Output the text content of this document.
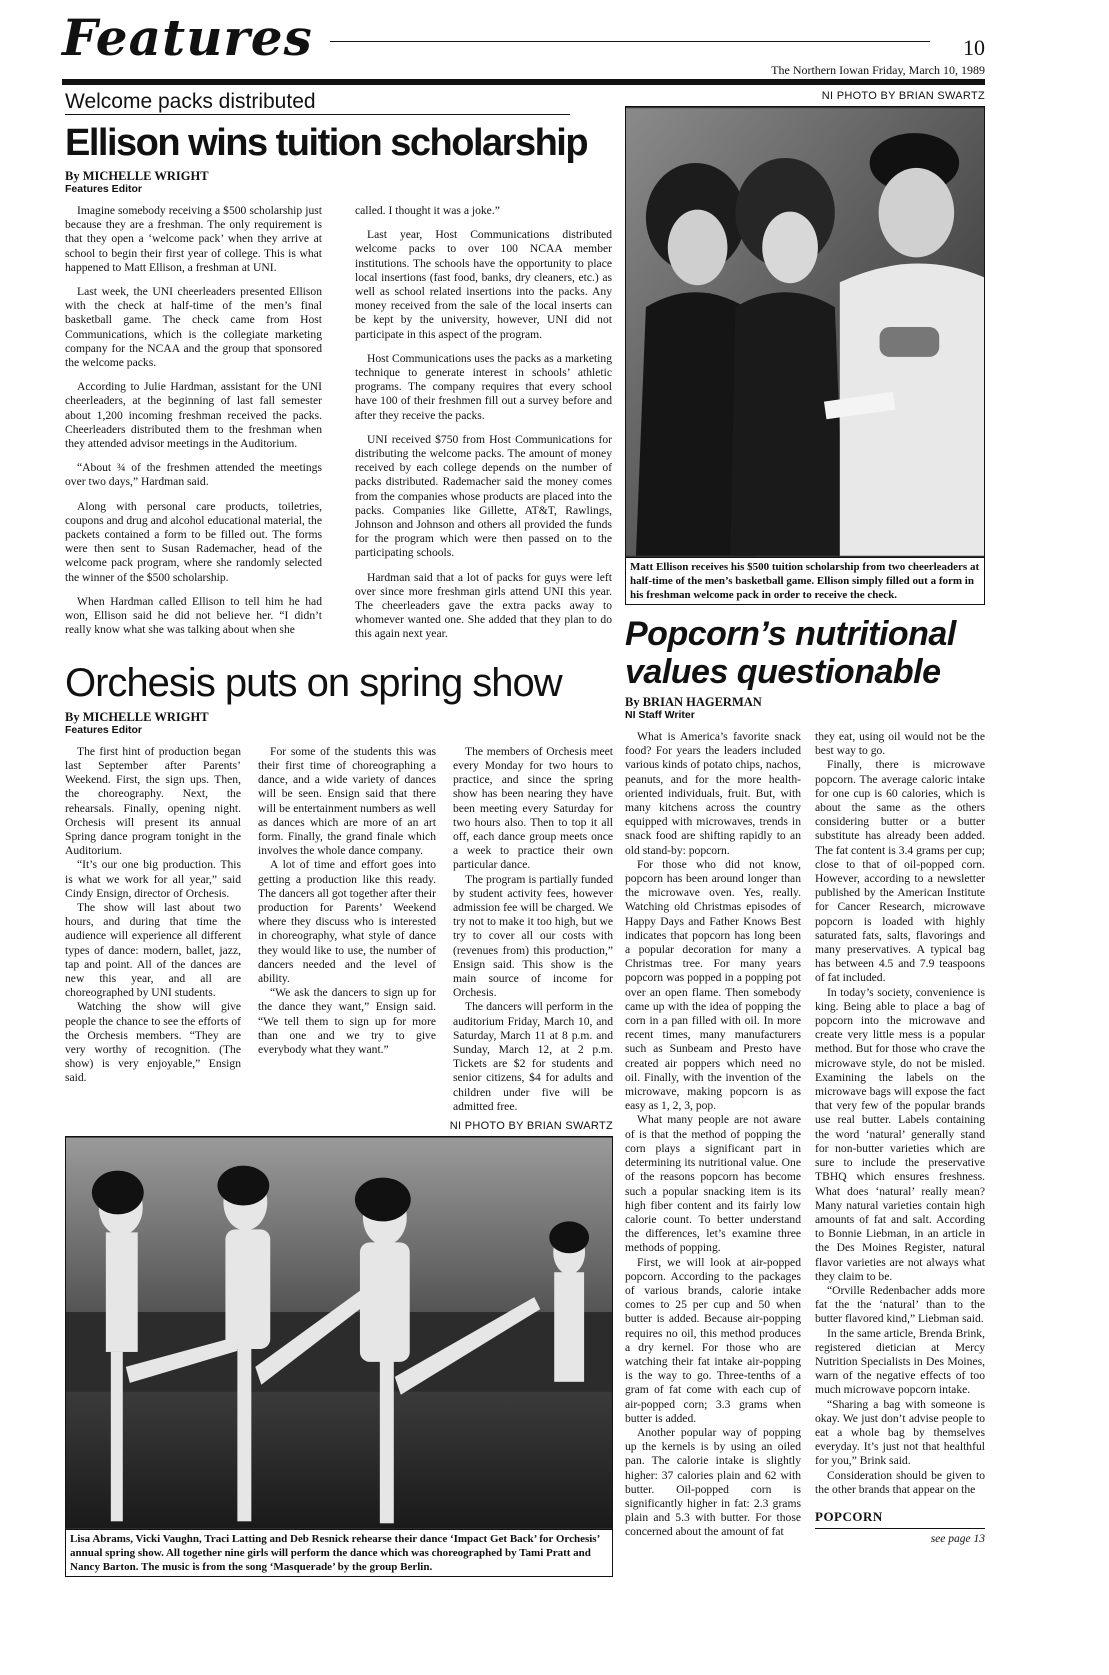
Features	10
The Northern Iowan Friday, March 10, 1989
Welcome packs distributed
Ellison wins tuition scholarship
By MICHELLE WRIGHT
Features Editor

Imagine somebody receiving a $500 scholarship just because they are a freshman. The only requirement is that they open a ‘welcome pack’ when they arrive at school to begin their first year of college. This is what happened to Matt Ellison, a freshman at UNI.

Last week, the UNI cheerleaders presented Ellison with the check at half-time of the men’s final basketball game. The check came from Host Communications, which is the collegiate marketing company for the NCAA and the group that sponsored the welcome packs.

According to Julie Hardman, assistant for the UNI cheerleaders, at the beginning of last fall semester about 1,200 incoming freshman received the packs. Cheerleaders distributed them to the freshman when they attended advisor meetings in the Auditorium.

“About ¾ of the freshmen attended the meetings over two days,” Hardman said.

Along with personal care products, toiletries, coupons and drug and alcohol educational material, the packets contained a form to be filled out. The forms were then sent to Susan Rademacher, head of the welcome pack program, where she randomly selected the winner of the $500 scholarship.

When Hardman called Ellison to tell him he had won, Ellison said he did not believe her. “I didn’t really know what she was talking about when she

called. I thought it was a joke.”

Last year, Host Communications distributed welcome packs to over 100 NCAA member institutions. The schools have the opportunity to place local insertions (fast food, banks, dry cleaners, etc.) as well as school related insertions into the packs. Any money received from the sale of the local inserts can be kept by the university, however, UNI did not participate in this aspect of the program.

Host Communications uses the packs as a marketing technique to generate interest in schools’ athletic programs. The company requires that every school have 100 of their freshmen fill out a survey before and after they receive the packs.

UNI received $750 from Host Communications for distributing the welcome packs. The amount of money received by each college depends on the number of packs distributed. Rademacher said the money comes from the companies whose products are placed into the packs. Companies like Gillette, AT&T, Rawlings, Johnson and Johnson and others all provided the funds for the program which were then passed on to the participating schools.

Hardman said that a lot of packs for guys were left over since more freshman girls attend UNI this year. The cheerleaders gave the extra packs away to whomever wanted one. She added that they plan to do this again next year.

Orchesis puts on spring show
By MICHELLE WRIGHT
Features Editor

The first hint of production began last September after Parents’ Weekend. First, the sign ups. Then, the choreography. Next, the rehearsals. Finally, opening night. Orchesis will present its annual Spring dance program tonight in the Auditorium.

“It’s our one big production. This is what we work for all year,” said Cindy Ensign, director of Orchesis.

The show will last about two hours, and during that time the audience will experience all different types of dance: modern, ballet, jazz, tap and point. All of the dances are new this year, and all are choreographed by UNI students.

Watching the show will give people the chance to see the efforts of the Orchesis members. “They are very worthy of recognition. (The show) is very enjoyable,” Ensign said.

For some of the students this was their first time of choreographing a dance, and a wide variety of dances will be seen. Ensign said that there will be entertainment numbers as well as dances which are more of an art form. Finally, the grand finale which involves the whole dance company.

A lot of time and effort goes into getting a production like this ready. The dancers all got together after their production for Parents’ Weekend where they discuss who is interested in choreography, what style of dance they would like to use, the number of dancers needed and the level of ability.

“We ask the dancers to sign up for the dance they want,” Ensign said. “We tell them to sign up for more than one and we try to give everybody what they want.”

The members of Orchesis meet every Monday for two hours to practice, and since the spring show has been nearing they have been meeting every Saturday for two hours also. Then to top it all off, each dance group meets once a week to practice their own particular dance.

The program is partially funded by student activity fees, however admission fee will be charged. We try not to make it too high, but we try to cover all our costs with (revenues from) this production,” Ensign said. This show is the main source of income for Orchesis.

The dancers will perform in the auditorium Friday, March 10, and Saturday, March 11 at 8 p.m. and Sunday, March 12, at 2 p.m. Tickets are $2 for students and senior citizens, $4 for adults and children under five will be admitted free.

NI PHOTO BY BRIAN SWARTZ
Lisa Abrams, Vicki Vaughn, Traci Latting and Deb Resnick rehearse their dance ‘Impact Get Back’ for Orchesis’ annual spring show. All together nine girls will perform the dance which was choreographed by Tami Pratt and Nancy Barton. The music is from the song ‘Masquerade’ by the group Berlin.
NI PHOTO BY BRIAN SWARTZ
Matt Ellison receives his $500 tuition scholarship from two cheerleaders at half-time of the men’s basketball game. Ellison simply filled out a form in his freshman welcome pack in order to receive the check.
Popcorn’s nutritional values questionable
By BRIAN HAGERMAN
NI Staff Writer

What is America’s favorite snack food? For years the leaders included various kinds of potato chips, nachos, peanuts, and for the more health-oriented individuals, fruit. But, with many kitchens across the country equipped with microwaves, trends in snack food are shifting rapidly to an old stand-by: popcorn.

For those who did not know, popcorn has been around longer than the microwave oven. Yes, really. Watching old Christmas episodes of Happy Days and Father Knows Best indicates that popcorn has long been a popular decoration for many a Christmas tree. For many years popcorn was popped in a popping pot over an open flame. Then somebody came up with the idea of popping the corn in a pan filled with oil. In more recent times, many manufacturers such as Sunbeam and Presto have created air poppers which need no oil. Finally, with the invention of the microwave, making popcorn is as easy as 1, 2, 3, pop.

What many people are not aware of is that the method of popping the corn plays a significant part in determining its nutritional value. One of the reasons popcorn has become such a popular snacking item is its high fiber content and its fairly low calorie count. To better understand the differences, let’s examine three methods of popping.

First, we will look at air-popped popcorn. According to the packages of various brands, calorie intake comes to 25 per cup and 50 when butter is added. Because air-popping requires no oil, this method produces a dry kernel. For those who are watching their fat intake air-popping is the way to go. Three-tenths of a gram of fat come with each cup of air-popped corn; 3.3 grams when butter is added.

Another popular way of popping up the kernels is by using an oiled pan. The calorie intake is slightly higher: 37 calories plain and 62 with butter. Oil-popped corn is significantly higher in fat: 2.3 grams plain and 5.3 with butter. For those concerned about the amount of fat

they eat, using oil would not be the best way to go.

Finally, there is microwave popcorn. The average caloric intake for one cup is 60 calories, which is about the same as the others considering butter or a butter substitute has already been added. The fat content is 3.4 grams per cup; close to that of oil-popped corn. However, according to a newsletter published by the American Institute for Cancer Research, microwave popcorn is loaded with highly saturated fats, salts, flavorings and many preservatives. A typical bag has between 4.5 and 7.9 teaspoons of fat included.

In today’s society, convenience is king. Being able to place a bag of popcorn into the microwave and create very little mess is a popular method. But for those who crave the microwave style, do not be misled. Examining the labels on the microwave bags will expose the fact that very few of the popular brands use real butter. Labels containing the word ‘natural’ generally stand for non-butter varieties which are sure to include the preservative TBHQ which ensures freshness. What does ‘natural’ really mean? Many natural varieties contain high amounts of fat and salt. According to Bonnie Liebman, in an article in the Des Moines Register, natural flavor varieties are not always what they claim to be.

“Orville Redenbacher adds more fat the the ‘natural’ than to the butter flavored kind,” Liebman said.

In the same article, Brenda Brink, registered dietician at Mercy Nutrition Specialists in Des Moines, warn of the negative effects of too much microwave popcorn intake.

“Sharing a bag with someone is okay. We just don’t advise people to eat a whole bag by themselves everyday. It’s just not that healthful for you,” Brink said.

Consideration should be given to the other brands that appear on the

POPCORN
see page 13
